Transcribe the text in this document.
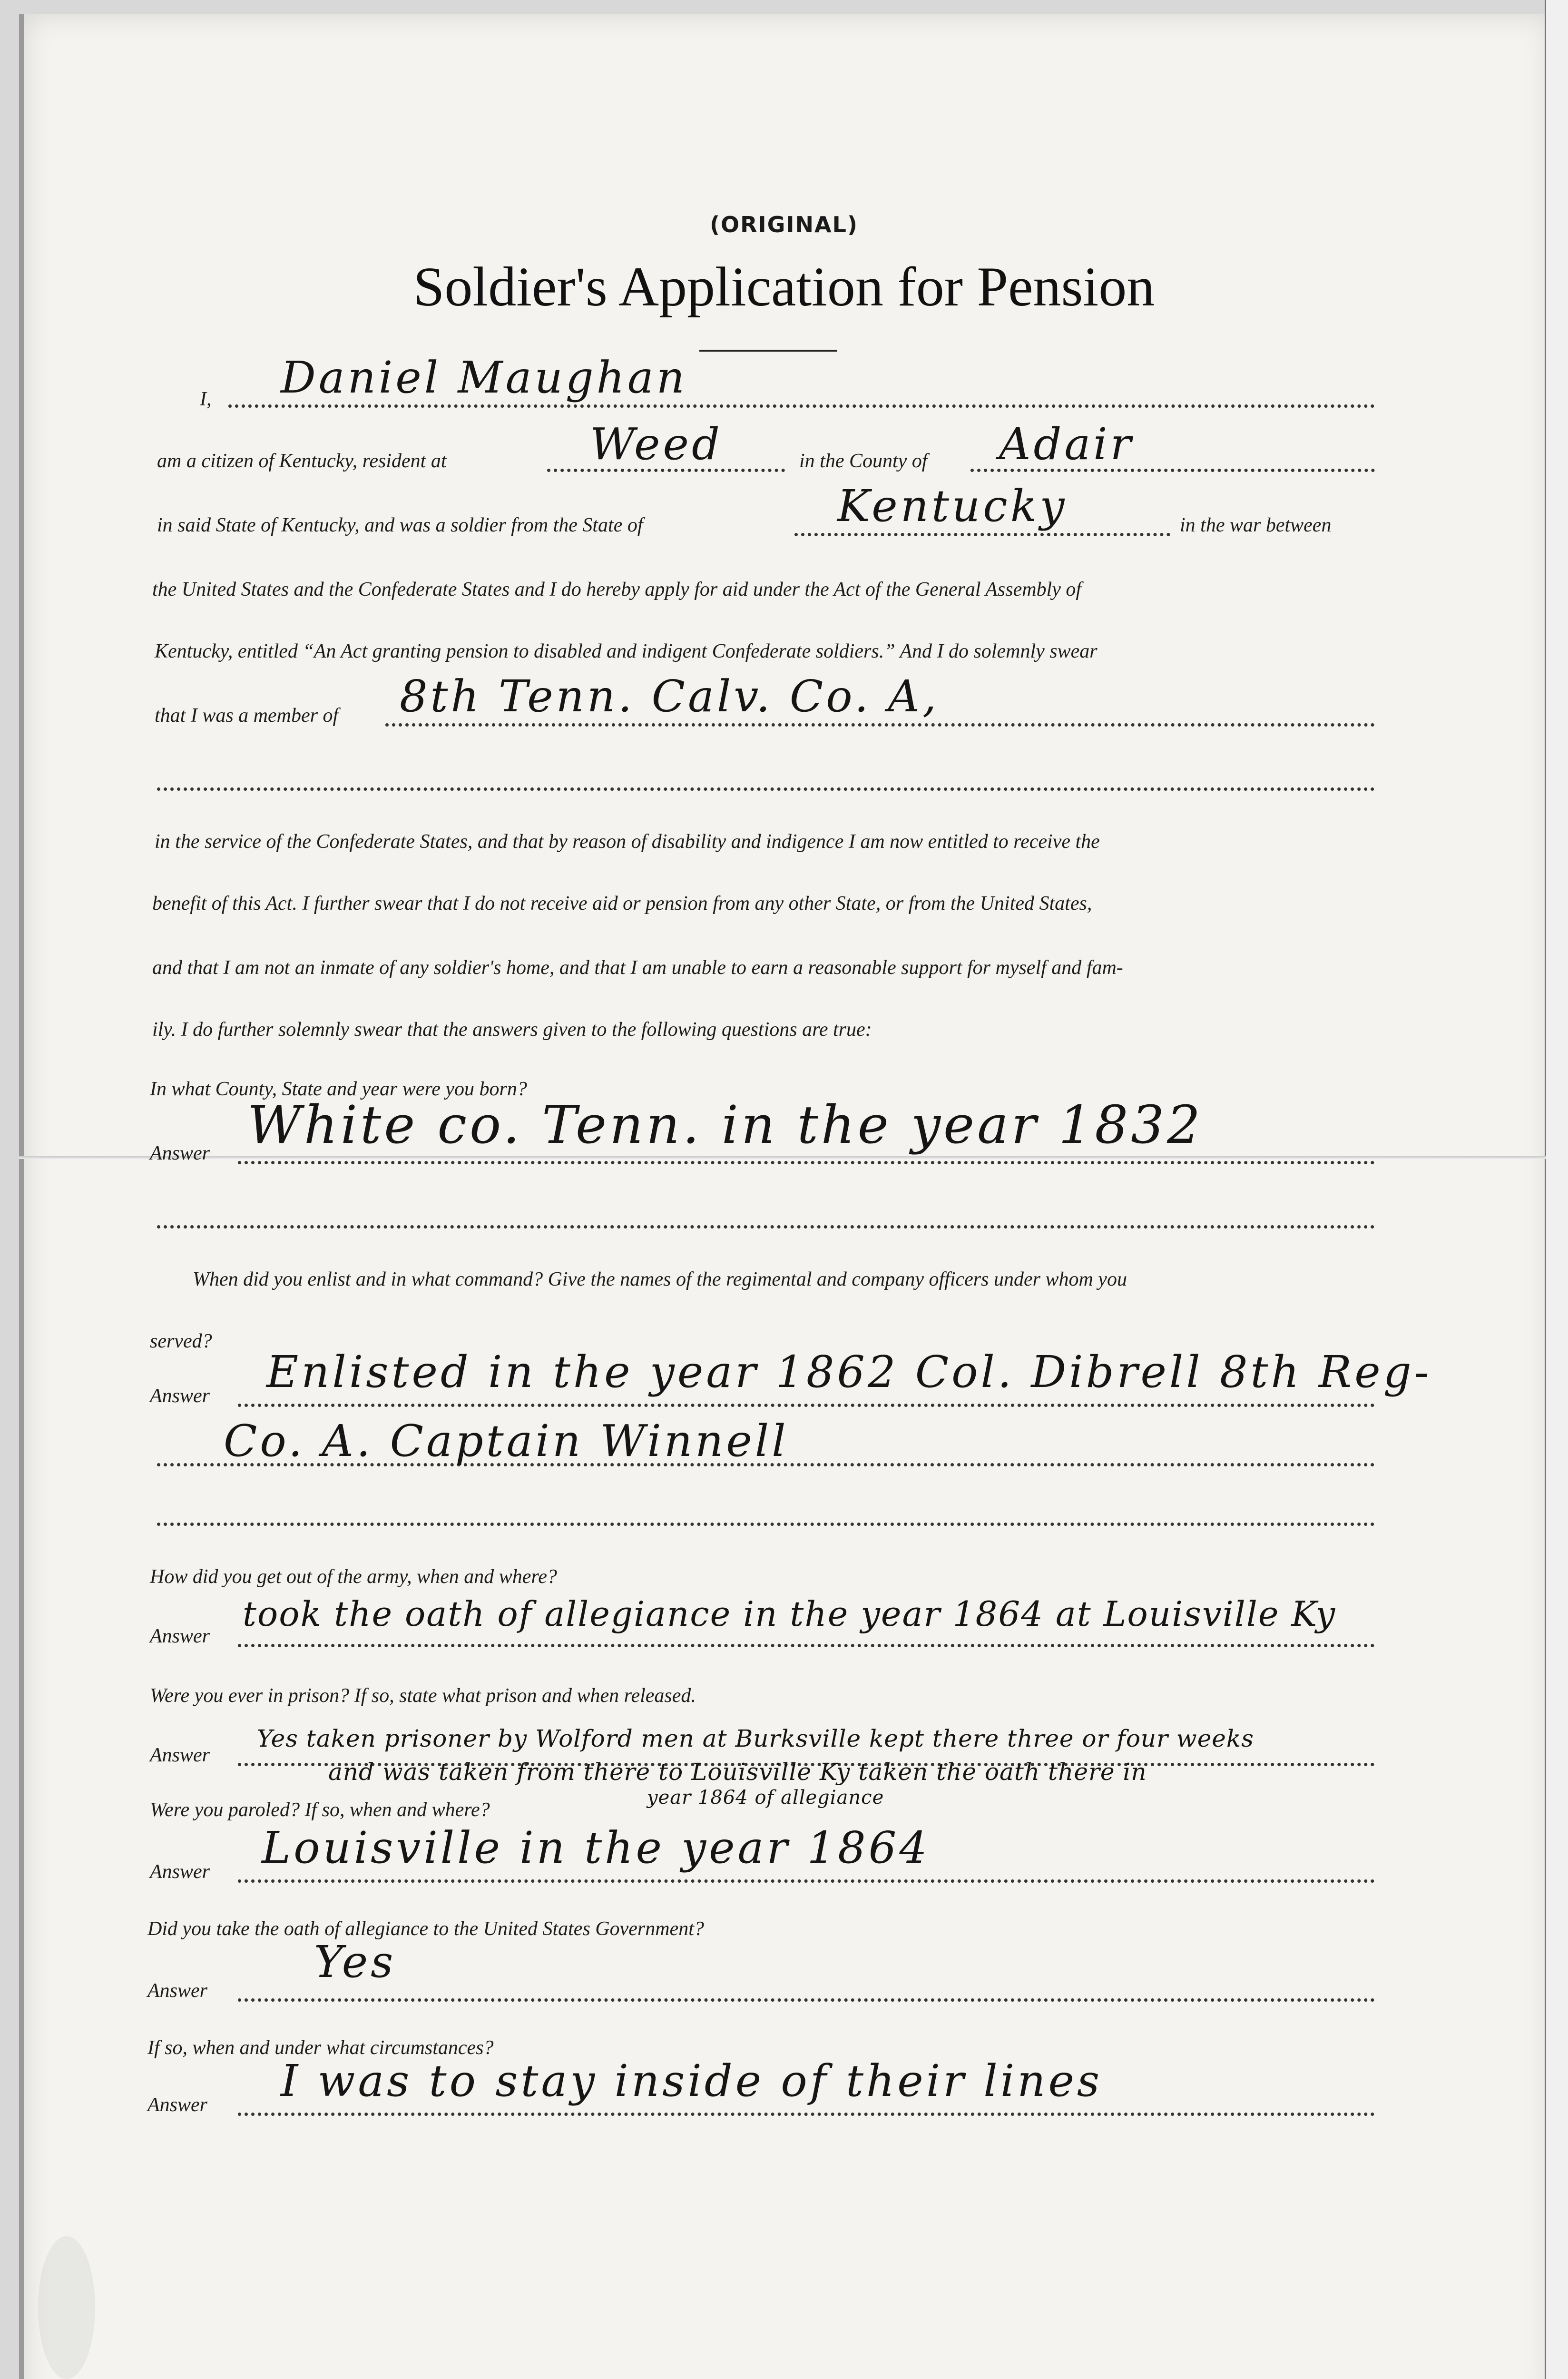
(ORIGINAL)
Soldier's Application for Pension
I, Daniel Maughan
am a citizen of Kentucky, resident at	in the County of
Weed	Adair
in said State of Kentucky, and was a soldier from the State of	in the war between
Kentucky
the United States and the Confederate States and I do hereby apply for aid under the Act of the General Assembly of
Kentucky, entitled “An Act granting pension to disabled and indigent Confederate soldiers.” And I do solemnly swear
that I was a member of 8th Tenn. Calv. Co. A,
in the service of the Confederate States, and that by reason of disability and indigence I am now entitled to receive the
benefit of this Act. I further swear that I do not receive aid or pension from any other State, or from the United States,
and that I am not an inmate of any soldier's home, and that I am unable to earn a reasonable support for myself and fam-
ily. I do further solemnly swear that the answers given to the following questions are true:
In what County, State and year were you born?
Answer White co. Tenn. in the year 1832
When did you enlist and in what command? Give the names of the regimental and company officers under whom you
served?
Answer Enlisted in the year 1862 Col. Dibrell 8th Reg-
Co. A. Captain Winnell
How did you get out of the army, when and where?
Answer
took the oath of allegiance in the year 1864 at Louisville Ky
Were you ever in prison? If so, state what prison and when released.
Answer
Yes taken prisoner by Wolford men at Burksville kept there three or four weeks
and was taken from there to Louisville Ky taken the oath there in
year 1864 of allegiance
Were you paroled? If so, when and where?
Answer Louisville in the year 1864
Did you take the oath of allegiance to the United States Government?
Answer
Yes
If so, when and under what circumstances?
Answer I was to stay inside of their lines
